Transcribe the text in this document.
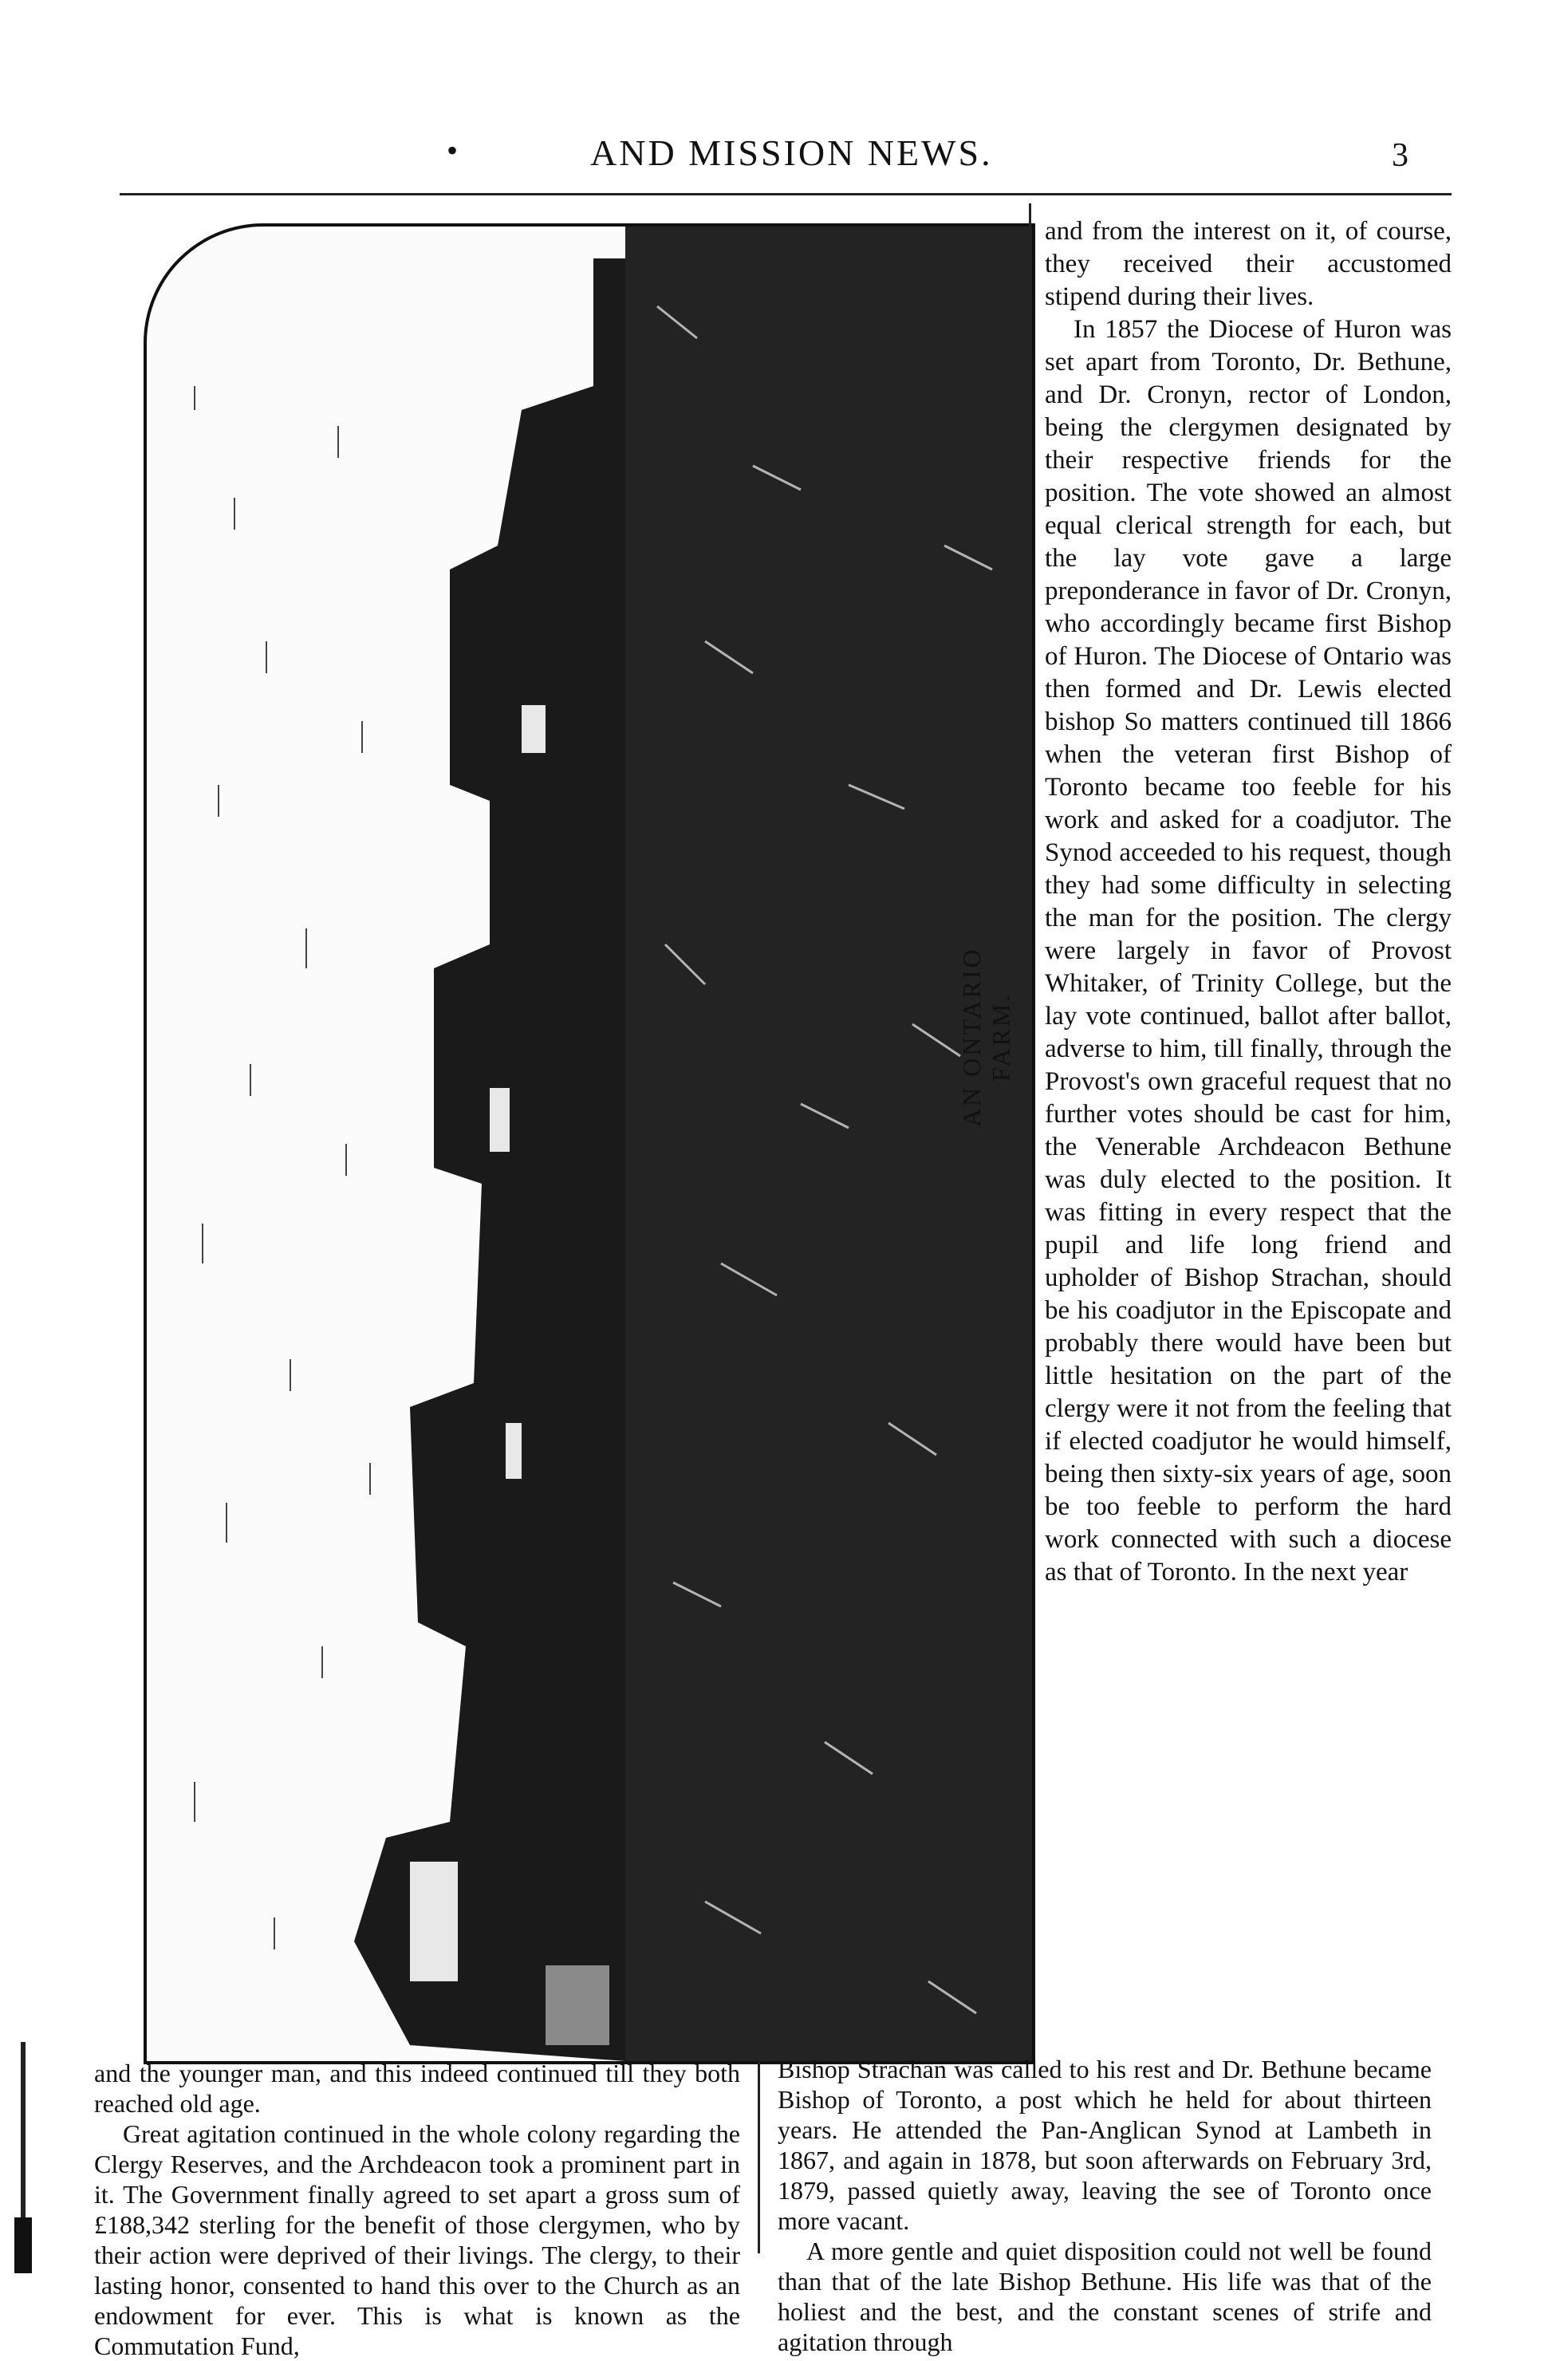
•	AND MISSION NEWS.	3
AN ONTARIO FARM.

and from the interest on it, of course, they received their accustomed stipend during their lives.

In 1857 the Diocese of Huron was set apart from Toronto, Dr. Bethune, and Dr. Cronyn, rector of London, being the clergymen designated by their respective friends for the position. The vote showed an almost equal clerical strength for each, but the lay vote gave a large preponderance in favor of Dr. Cronyn, who accordingly became first Bishop of Huron. The Diocese of Ontario was then formed and Dr. Lewis elected bishop So matters continued till 1866 when the veteran first Bishop of Toronto became too feeble for his work and asked for a coadjutor. The Synod acceeded to his request, though they had some difficulty in selecting the man for the position. The clergy were largely in favor of Provost Whitaker, of Trinity College, but the lay vote continued, ballot after ballot, adverse to him, till finally, through the Provost's own graceful request that no further votes should be cast for him, the Venerable Archdeacon Bethune was duly elected to the position. It was fitting in every respect that the pupil and life long friend and upholder of Bishop Strachan, should be his coadjutor in the Episcopate and probably there would have been but little hesitation on the part of the clergy were it not from the feeling that if elected coadjutor he would himself, being then sixty-six years of age, soon be too feeble to perform the hard work connected with such a diocese as that of Toronto. In the next year

and the younger man, and this indeed continued till they both reached old age.

Great agitation continued in the whole colony regarding the Clergy Reserves, and the Archdeacon took a prominent part in it. The Government finally agreed to set apart a gross sum of £188,342 sterling for the benefit of those clergymen, who by their action were deprived of their livings. The clergy, to their lasting honor, consented to hand this over to the Church as an endowment for ever. This is what is known as the Commutation Fund,

Bishop Strachan was called to his rest and Dr. Bethune became Bishop of Toronto, a post which he held for about thirteen years. He attended the Pan-Anglican Synod at Lambeth in 1867, and again in 1878, but soon afterwards on February 3rd, 1879, passed quietly away, leaving the see of Toronto once more vacant.

A more gentle and quiet disposition could not well be found than that of the late Bishop Bethune. His life was that of the holiest and the best, and the constant scenes of strife and agitation through
